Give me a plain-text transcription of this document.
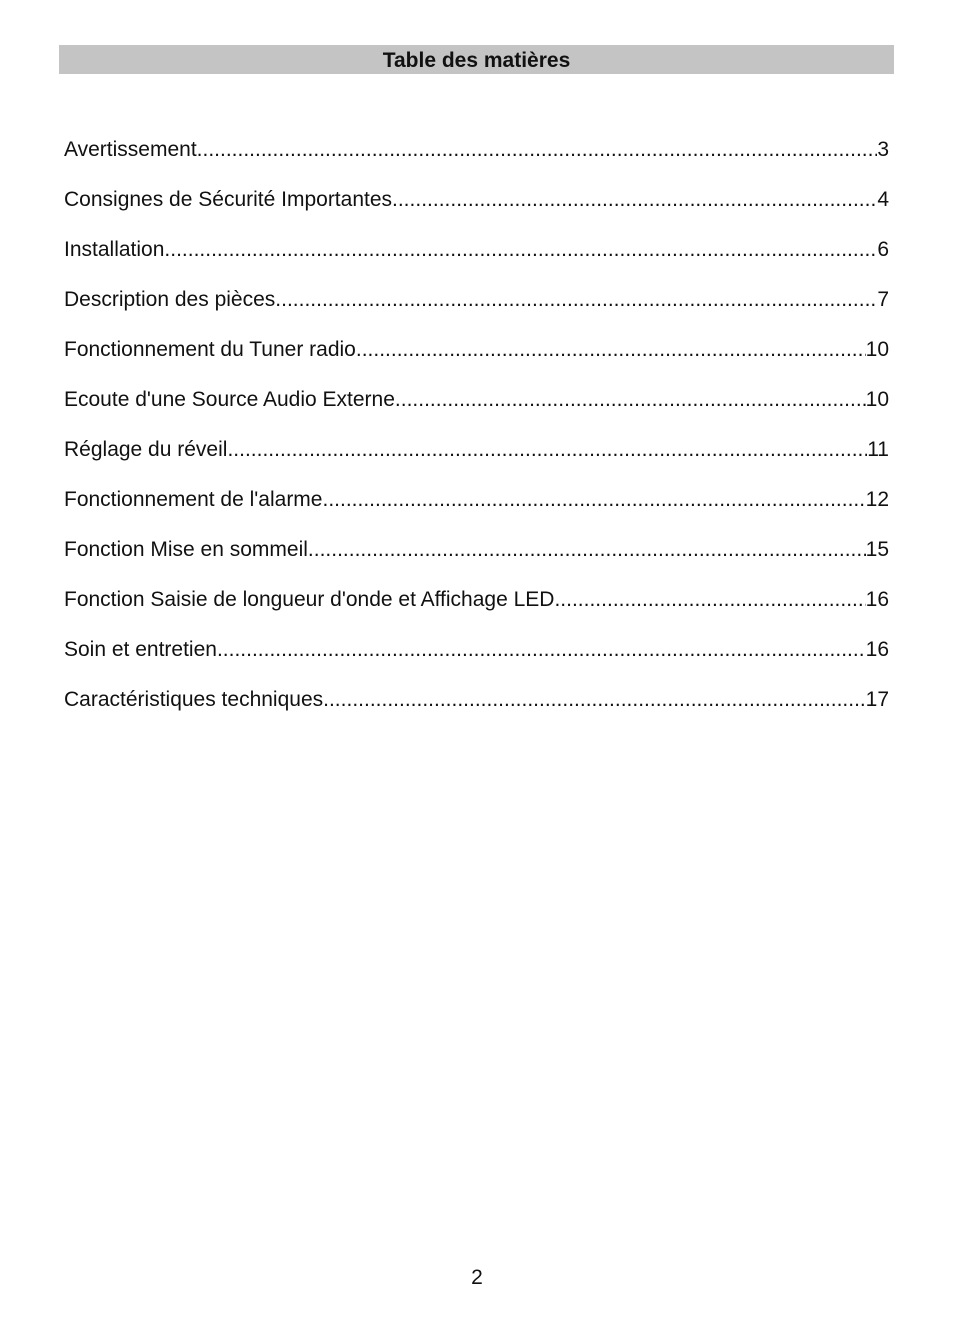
Table des matières
Avertissement .....	3
Consignes de Sécurité Importantes .....	4
Installation .....	6
Description des pièces .....	7
Fonctionnement du Tuner radio .....	10
Ecoute d'une Source Audio Externe .....	10
Réglage du réveil .....	11
Fonctionnement de l'alarme .....	12
Fonction Mise en sommeil .....	15
Fonction Saisie de longueur d'onde et Affichage LED .....	16
Soin et entretien .....	16
Caractéristiques techniques .....	17
2
